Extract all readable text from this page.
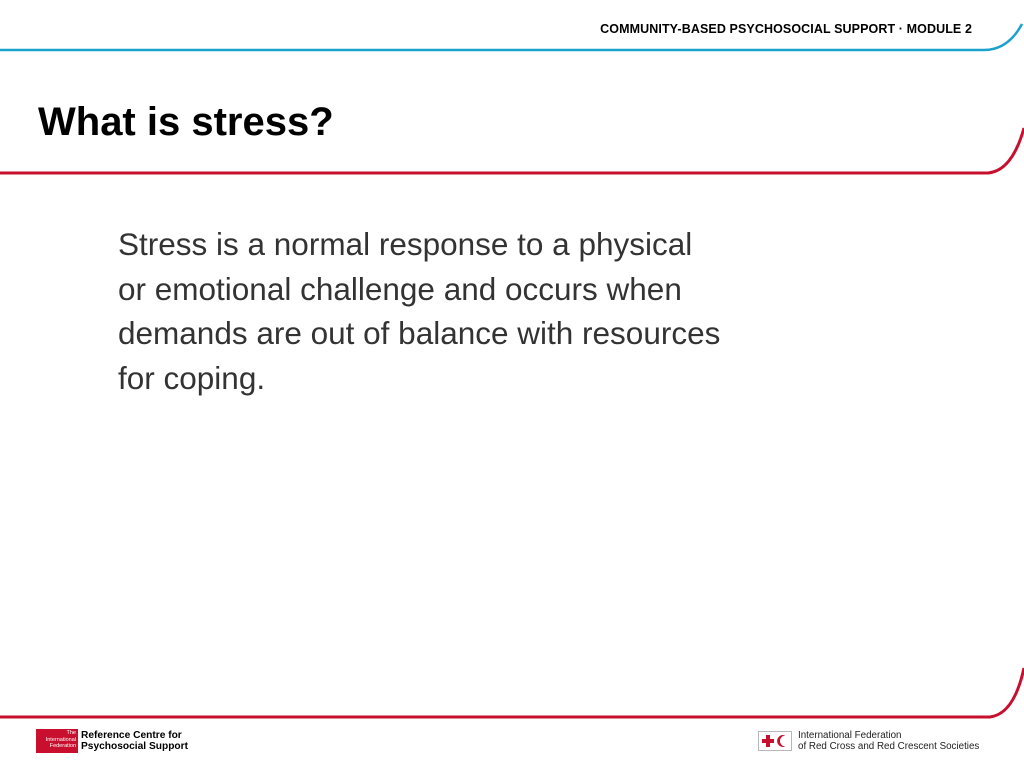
COMMUNITY-BASED PSYCHOSOCIAL SUPPORT · MODULE 2
What is stress?

Stress is a normal response to a physical or emotional challenge and occurs when demands are out of balance with resources for coping.

The
International
Federation
Reference Centre for
Psychosocial Support
International Federation
of Red Cross and Red Crescent Societies
